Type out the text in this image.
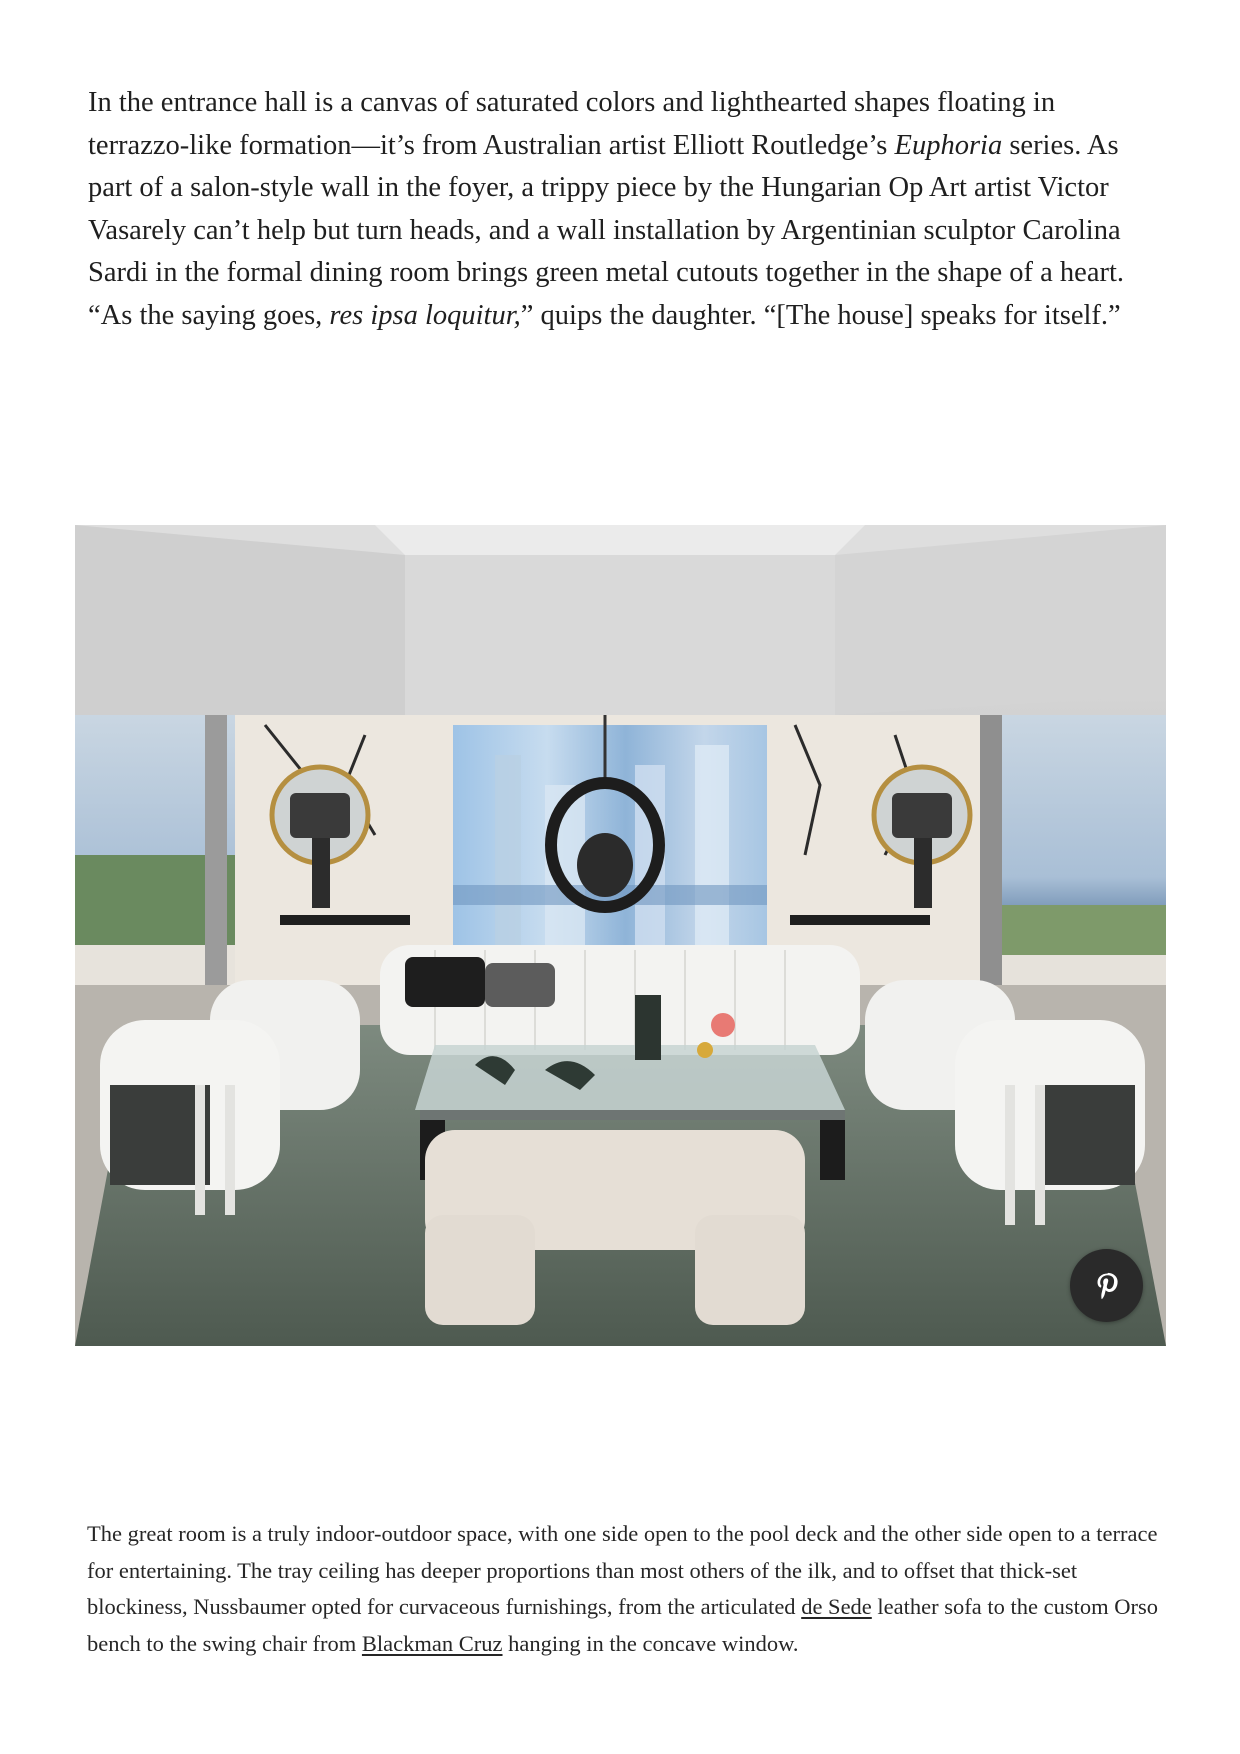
In the entrance hall is a canvas of saturated colors and lighthearted shapes floating in terrazzo-like formation—it’s from Australian artist Elliott Routledge’s Euphoria series. As part of a salon-style wall in the foyer, a trippy piece by the Hungarian Op Art artist Victor Vasarely can’t help but turn heads, and a wall installation by Argentinian sculptor Carolina Sardi in the formal dining room brings green metal cutouts together in the shape of a heart. “As the saying goes, res ipsa loquitur,” quips the daughter. “[The house] speaks for itself.”

The great room is a truly indoor-outdoor space, with one side open to the pool deck and the other side open to a terrace for entertaining. The tray ceiling has deeper proportions than most others of the ilk, and to offset that thick-set blockiness, Nussbaumer opted for curvaceous furnishings, from the articulated de Sede leather sofa to the custom Orso bench to the swing chair from Blackman Cruz hanging in the concave window.
